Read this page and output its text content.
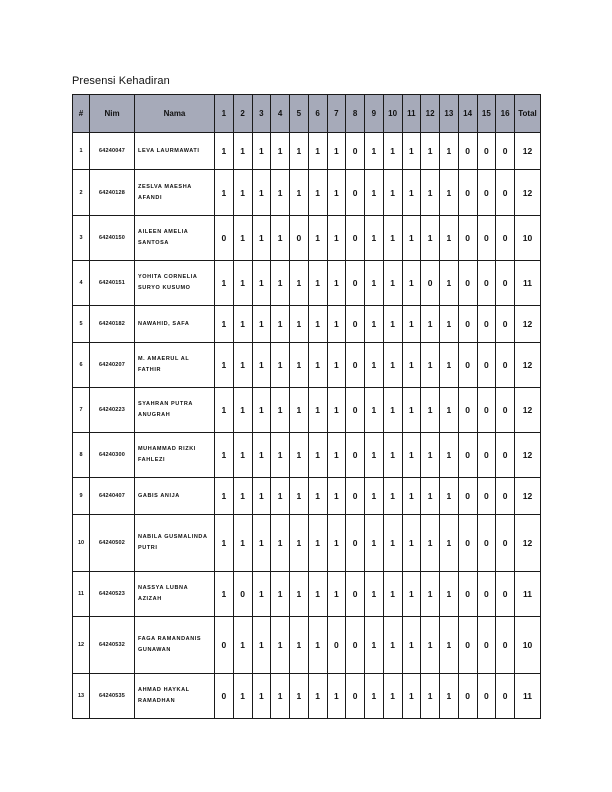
Presensi Kehadiran
#	Nim	Nama	1	2	3	4	5	6	7	8	9	10	11	12	13	14	15	16	Total
1	64240047	LEVA LAURMAWATI	1	1	1	1	1	1	1	0	1	1	1	1	1	0	0	0	12
2	64240128	ZESLVA MAESHA AFANDI	1	1	1	1	1	1	1	0	1	1	1	1	1	0	0	0	12
3	64240150	AILEEN AMELIA SANTOSA	0	1	1	1	0	1	1	0	1	1	1	1	1	0	0	0	10
4	64240151	YOHITA CORNELIA SURYO KUSUMO	1	1	1	1	1	1	1	0	1	1	1	0	1	0	0	0	11
5	64240182	NAWAHID, SAFA	1	1	1	1	1	1	1	0	1	1	1	1	1	0	0	0	12
6	64240207	M. AMAERUL AL FATHIR	1	1	1	1	1	1	1	0	1	1	1	1	1	0	0	0	12
7	64240223	SYAHRAN PUTRA ANUGRAH	1	1	1	1	1	1	1	0	1	1	1	1	1	0	0	0	12
8	64240300	MUHAMMAD RIZKI FAHLEZI	1	1	1	1	1	1	1	0	1	1	1	1	1	0	0	0	12
9	64240407	GABIS ANIJA	1	1	1	1	1	1	1	0	1	1	1	1	1	0	0	0	12
10	64240502	NABILA GUSMALINDA PUTRI	1	1	1	1	1	1	1	0	1	1	1	1	1	0	0	0	12
11	64240523	NASSYA LUBNA AZIZAH	1	0	1	1	1	1	1	0	1	1	1	1	1	0	0	0	11
12	64240532	FAGA RAMANDANIS GUNAWAN	0	1	1	1	1	1	0	0	1	1	1	1	1	0	0	0	10
13	64240535	AHMAD HAYKAL RAMADHAN	0	1	1	1	1	1	1	0	1	1	1	1	1	0	0	0	11
